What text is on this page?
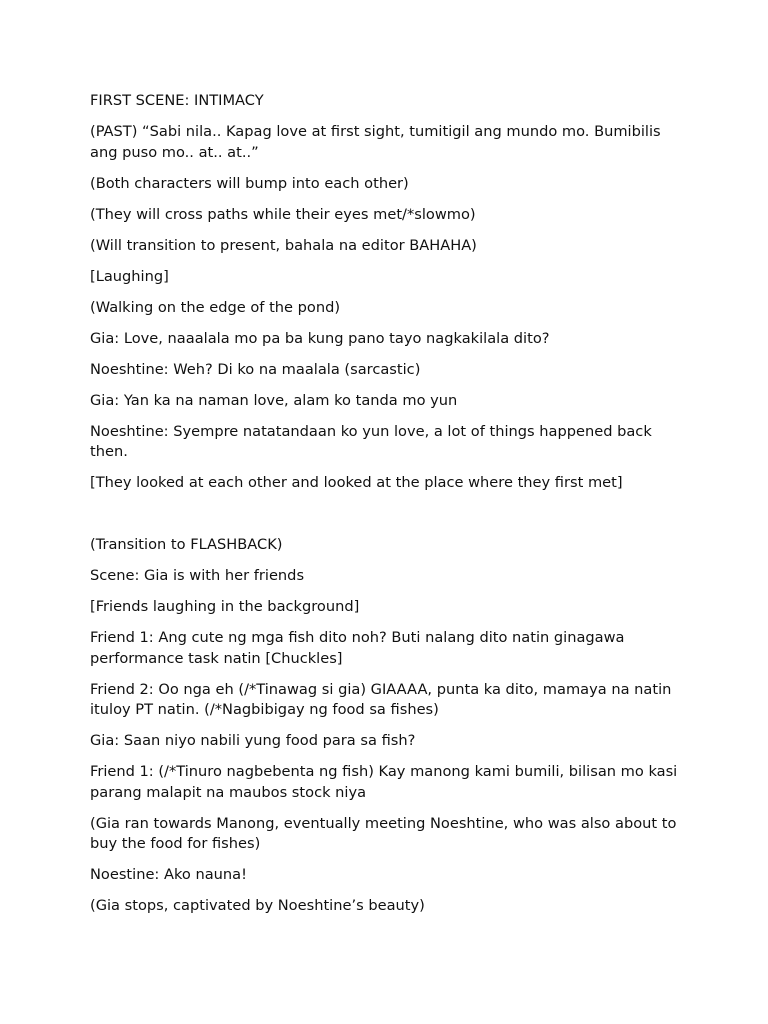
FIRST SCENE: INTIMACY

(PAST) “Sabi nila.. Kapag love at first sight, tumitigil ang mundo mo. Bumibilis ang puso mo.. at.. at..”

(Both characters will bump into each other)

(They will cross paths while their eyes met/*slowmo)

(Will transition to present, bahala na editor BAHAHA)

[Laughing]

(Walking on the edge of the pond)

Gia: Love, naaalala mo pa ba kung pano tayo nagkakilala dito?

Noeshtine: Weh? Di ko na maalala (sarcastic)

Gia: Yan ka na naman love, alam ko tanda mo yun

Noeshtine: Syempre natatandaan ko yun love, a lot of things happened back then.

[They looked at each other and looked at the place where they first met]

(Transition to FLASHBACK)

Scene: Gia is with her friends

[Friends laughing in the background]

Friend 1: Ang cute ng mga fish dito noh? Buti nalang dito natin ginagawa performance task natin [Chuckles]

Friend 2: Oo nga eh (/*Tinawag si gia) GIAAAA, punta ka dito, mamaya na natin ituloy PT natin. (/*Nagbibigay ng food sa fishes)

Gia: Saan niyo nabili yung food para sa fish?

Friend 1: (/*Tinuro nagbebenta ng fish) Kay manong kami bumili, bilisan mo kasi parang malapit na maubos stock niya

(Gia ran towards Manong, eventually meeting Noeshtine, who was also about to buy the food for fishes)

Noestine: Ako nauna!

(Gia stops, captivated by Noeshtine’s beauty)
